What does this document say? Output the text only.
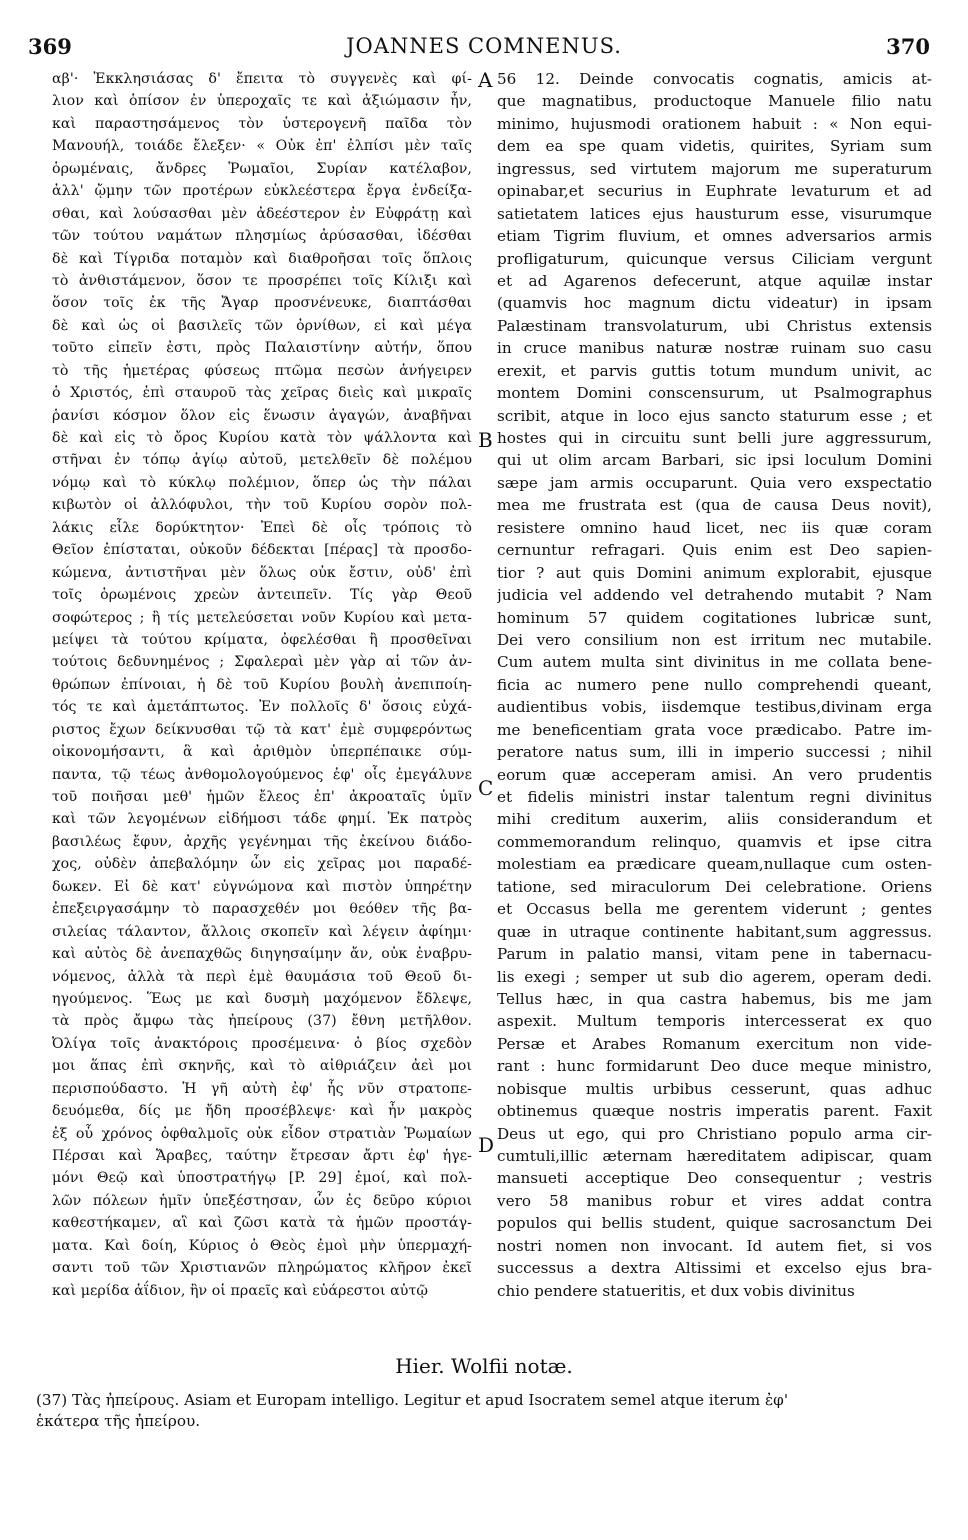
369	JOANNES COMNENUS.	370
αβ'· Ἐκκλησιάσας δ' ἔπειτα τὸ συγγενὲς καὶ φί-
λιον καὶ ὁπίσον ἐν ὑπεροχαῖς τε καὶ ἀξιώμασιν ἦν,
καὶ παραστησάμενος τὸν ὑστερογενῆ παῖδα τὸν
Μανουήλ, τοιάδε ἔλεξεν· « Οὐκ ἐπ' ἐλπίσι μὲν ταῖς
ὁρωμέναις, ἄνδρες Ῥωμαῖοι, Συρίαν κατέλαβον,
ἀλλ' ᾤμην τῶν προτέρων εὐκλεέστερα ἔργα ἐνδείξα-
σθαι, καὶ λούσασθαι μὲν ἀδεέστερον ἐν Εὐφράτῃ καὶ
τῶν τούτου ναμάτων πλησμίως ἀρύσασθαι, ἰδέσθαι
δὲ καὶ Τίγριδα ποταμὸν καὶ διαθροῆσαι τοῖς ὅπλοις
τὸ ἀνθιστάμενον, ὅσον τε προσρέπει τοῖς Κίλιξι καὶ
ὅσον τοῖς ἐκ τῆς Ἄγαρ προσνένευκε, διαπτάσθαι
δὲ καὶ ὡς οἱ βασιλεῖς τῶν ὀρνίθων, εἰ καὶ μέγα
τοῦτο εἰπεῖν ἐστι, πρὸς Παλαιστίνην αὐτήν, ὅπου
τὸ τῆς ἡμετέρας φύσεως πτῶμα πεσὼν ἀνήγειρεν
ὁ Χριστός, ἐπὶ σταυροῦ τὰς χεῖρας διεὶς καὶ μικραῖς
ῥανίσι κόσμον ὅλον εἰς ἕνωσιν ἀγαγών, ἀναβῆναι
δὲ καὶ εἰς τὸ ὄρος Κυρίου κατὰ τὸν ψάλλοντα καὶ
στῆναι ἐν τόπῳ ἁγίῳ αὐτοῦ, μετελθεῖν δὲ πολέμου
νόμῳ καὶ τὸ κύκλῳ πολέμιον, ὅπερ ὡς τὴν πάλαι
κιβωτὸν οἱ ἀλλόφυλοι, τὴν τοῦ Κυρίου σορὸν πολ-
λάκις εἷλε δορύκτητον· Ἐπεὶ δὲ οἷς τρόποις τὸ
Θεῖον ἐπίσταται, οὐκοῦν δέδεκται [πέρας] τὰ προσδο-
κώμενα, ἀντιστῆναι μὲν ὅλως οὐκ ἔστιν, οὐδ' ἐπὶ
τοῖς ὁρωμένοις χρεὼν ἀντειπεῖν. Τίς γὰρ Θεοῦ
σοφώτερος ; ἢ τίς μετελεύσεται νοῦν Κυρίου καὶ μετα-
μείψει τὰ τούτου κρίματα, ὀφελέσθαι ἢ προσθεῖναι
τούτοις δεδυνημένος ; Σφαλεραὶ μὲν γὰρ αἱ τῶν ἀν-
θρώπων ἐπίνοιαι, ἡ δὲ τοῦ Κυρίου βουλὴ ἀνεπιποίη-
τός τε καὶ ἀμετάπτωτος. Ἐν πολλοῖς δ' ὅσοις εὐχά-
ριστος ἔχων δείκνυσθαι τῷ τὰ κατ' ἐμὲ συμφερόντως
οἰκονομήσαντι, ἃ καὶ ἀριθμὸν ὑπερπέπαικε σύμ-
παντα, τῷ τέως ἀνθομολογούμενος ἐφ' οἷς ἐμεγάλυνε
τοῦ ποιῆσαι μεθ' ἡμῶν ἔλεος ἐπ' ἀκροαταῖς ὑμῖν
καὶ τῶν λεγομένων εἰδήμοσι τάδε φημί. Ἐκ πατρὸς
βασιλέως ἔφυν, ἀρχῆς γεγένημαι τῆς ἐκείνου διάδο-
χος, οὐδὲν ἀπεβαλόμην ὧν εἰς χεῖρας μοι παραδέ-
δωκεν. Εἰ δὲ κατ' εὐγνώμονα καὶ πιστὸν ὑπηρέτην
ἐπεξειργασάμην τὸ παρασχεθέν μοι θεόθεν τῆς βα-
σιλείας τάλαντον, ἄλλοις σκοπεῖν καὶ λέγειν ἀφίημι·
καὶ αὐτὸς δὲ ἀνεπαχθῶς διηγησαίμην ἄν, οὐκ ἐναβρυ-
νόμενος, ἀλλὰ τὰ περὶ ἐμὲ θαυμάσια τοῦ Θεοῦ δι-
ηγούμενος. Ἕως με καὶ δυσμὴ μαχόμενον ἔδλεψε,
τὰ πρὸς ἄμφω τὰς ἠπείρους (37) ἔθνη μετῆλθον.
Ὀλίγα τοῖς ἀνακτόροις προσέμεινα· ὁ βίος σχεδὸν
μοι ἅπας ἐπὶ σκηνῆς, καὶ τὸ αἰθριάζειν ἀεὶ μοι
περισπούδαστο. Ἡ γῆ αὐτὴ ἐφ' ἧς νῦν στρατοπε-
δευόμεθα, δίς με ἤδη προσέβλεψε· καὶ ἦν μακρὸς
ἐξ οὗ χρόνος ὀφθαλμοῖς οὐκ εἶδον στρατιὰν Ῥωμαίων
Πέρσαι καὶ Ἄραβες, ταύτην ἔτρεσαν ἄρτι ἐφ' ἡγε-
μόνι Θεῷ καὶ ὑποστρατήγῳ [P. 29] ἐμοί, καὶ πολ-
λῶν πόλεων ἡμῖν ὑπεξέστησαν, ὧν ἐς δεῦρο κύριοι
καθεστήκαμεν, αἳ καὶ ζῶσι κατὰ τὰ ἡμῶν προστάγ-
ματα. Καὶ δοίη, Κύριος ὁ Θεὸς ἐμοὶ μὴν ὑπερμαχή-
σαντι τοῦ τῶν Χριστιανῶν πληρώματος κλῆρον ἐκεῖ
καὶ μερίδα ἀΐδιον, ἣν οἱ πραεῖς καὶ εὐάρεστοι αὐτῷ
A
B
C
D
56 12. Deinde convocatis cognatis, amicis at-
que magnatibus, productoque Manuele filio natu
minimo, hujusmodi orationem habuit : « Non equi-
dem ea spe quam videtis, quirites, Syriam sum
ingressus, sed virtutem majorum me superaturum
opinabar,et securius in Euphrate levaturum et ad
satietatem latices ejus hausturum esse, visurumque
etiam Tigrim fluvium, et omnes adversarios armis
profligaturum, quicunque versus Ciliciam vergunt
et ad Agarenos defecerunt, atque aquilæ instar
(quamvis hoc magnum dictu videatur) in ipsam
Palæstinam transvolaturum, ubi Christus extensis
in cruce manibus naturæ nostræ ruinam suo casu
erexit, et parvis guttis totum mundum univit, ac
montem Domini conscensurum, ut Psalmographus
scribit, atque in loco ejus sancto staturum esse ; et
hostes qui in circuitu sunt belli jure aggressurum,
qui ut olim arcam Barbari, sic ipsi loculum Domini
sæpe jam armis occuparunt. Quia vero exspectatio
mea me frustrata est (qua de causa Deus novit),
resistere omnino haud licet, nec iis quæ coram
cernuntur refragari. Quis enim est Deo sapien-
tior ? aut quis Domini animum explorabit, ejusque
judicia vel addendo vel detrahendo mutabit ? Nam
hominum 57 quidem cogitationes lubricæ sunt,
Dei vero consilium non est irritum nec mutabile.
Cum autem multa sint divinitus in me collata bene-
ficia ac numero pene nullo comprehendi queant,
audientibus vobis, iisdemque testibus,divinam erga
me beneficentiam grata voce prædicabo. Patre im-
peratore natus sum, illi in imperio successi ; nihil
eorum quæ acceperam amisi. An vero prudentis
et fidelis ministri instar talentum regni divinitus
mihi creditum auxerim, aliis considerandum et
commemorandum relinquo, quamvis et ipse citra
molestiam ea prædicare queam,nullaque cum osten-
tatione, sed miraculorum Dei celebratione. Oriens
et Occasus bella me gerentem viderunt ; gentes
quæ in utraque continente habitant,sum aggressus.
Parum in palatio mansi, vitam pene in tabernacu-
lis exegi ; semper ut sub dio agerem, operam dedi.
Tellus hæc, in qua castra habemus, bis me jam
aspexit. Multum temporis intercesserat ex quo
Persæ et Arabes Romanum exercitum non vide-
rant : hunc formidarunt Deo duce meque ministro,
nobisque multis urbibus cesserunt, quas adhuc
obtinemus quæque nostris imperatis parent. Faxit
Deus ut ego, qui pro Christiano populo arma cir-
cumtuli,illic æternam hæreditatem adipiscar, quam
mansueti acceptique Deo consequentur ; vestris
vero 58 manibus robur et vires addat contra
populos qui bellis student, quique sacrosanctum Dei
nostri nomen non invocant. Id autem fiet, si vos
successus a dextra Altissimi et excelso ejus bra-
chio pendere statueritis, et dux vobis divinitus
Hier. Wolfii notæ.
(37) Τὰς ἠπείρους. Asiam et Europam intelligo. Legitur et apud Isocratem semel atque iterum ἐφ'
ἑκάτερα τῆς ἠπείρου.
